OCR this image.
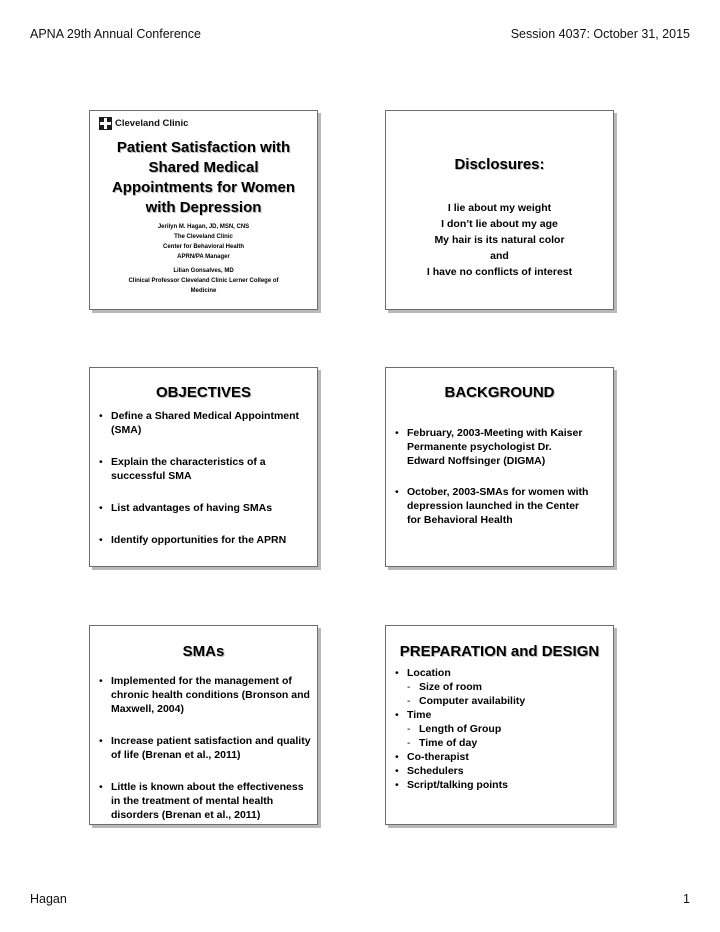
APNA 29th Annual Conference	Session 4037: October 31, 2015
Cleveland Clinic
Patient Satisfaction with
Shared Medical
Appointments for Women
with Depression
Jerilyn M. Hagan, JD, MSN, CNS
The Cleveland Clinic
Center for Behavioral Health
APRN/PA Manager
Lilian Gonsalves, MD
Clinical Professor Cleveland Clinic Lerner College of
Medicine
Disclosures:
I lie about my weight
I don’t lie about my age
My hair is its natural color
and
I have no conflicts of interest
OBJECTIVES
• Define a Shared Medical Appointment
(SMA)
• Explain the characteristics of a
successful SMA
• List advantages of having SMAs
• Identify opportunities for the APRN
BACKGROUND
• February, 2003-Meeting with Kaiser
Permanente psychologist Dr.
Edward Noffsinger (DIGMA)
• October, 2003-SMAs for women with
depression launched in the Center
for Behavioral Health
SMAs
• Implemented for the management of
chronic health conditions (Bronson and
Maxwell, 2004)
• Increase patient satisfaction and quality
of life (Brenan et al., 2011)
• Little is known about the effectiveness
in the treatment of mental health
disorders (Brenan et al., 2011)
PREPARATION and DESIGN
• Location
- Size of room
- Computer availability
• Time
- Length of Group
- Time of day
• Co-therapist
• Schedulers
• Script/talking points
Hagan	1
